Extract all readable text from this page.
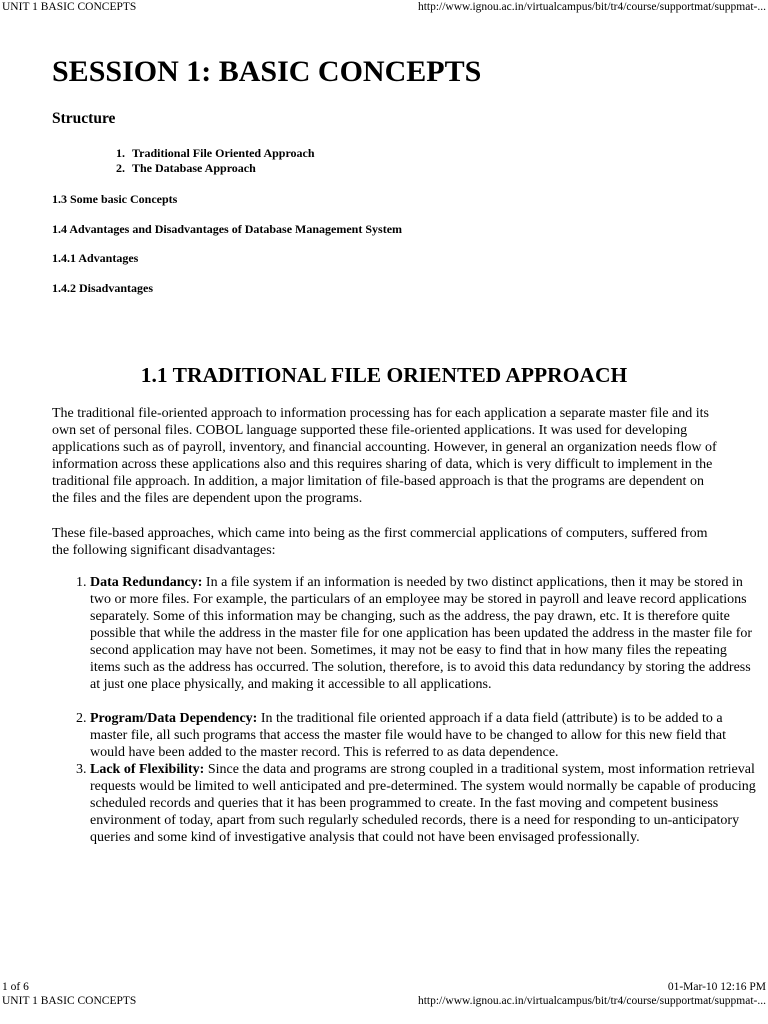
UNIT 1 BASIC CONCEPTS	http://www.ignou.ac.in/virtualcampus/bit/tr4/course/supportmat/suppmat-...
SESSION 1: BASIC CONCEPTS
Structure
1. Traditional File Oriented Approach
2. The Database Approach
1.3 Some basic Concepts
1.4 Advantages and Disadvantages of Database Management System
1.4.1 Advantages
1.4.2 Disadvantages
1.1 TRADITIONAL FILE ORIENTED APPROACH

The traditional file-oriented approach to information processing has for each application a separate master file and its own set of personal files. COBOL language supported these file-oriented applications. It was used for developing applications such as of payroll, inventory, and financial accounting. However, in general an organization needs flow of information across these applications also and this requires sharing of data, which is very difficult to implement in the traditional file approach. In addition, a major limitation of file-based approach is that the programs are dependent on the files and the files are dependent upon the programs.

These file-based approaches, which came into being as the first commercial applications of computers, suffered from the following significant disadvantages:

1. Data Redundancy: In a file system if an information is needed by two distinct applications, then it may be stored in two or more files. For example, the particulars of an employee may be stored in payroll and leave record applications separately. Some of this information may be changing, such as the address, the pay drawn, etc. It is therefore quite possible that while the address in the master file for one application has been updated the address in the master file for second application may have not been. Sometimes, it may not be easy to find that in how many files the repeating items such as the address has occurred. The solution, therefore, is to avoid this data redundancy by storing the address at just one place physically, and making it accessible to all applications.
2. Program/Data Dependency: In the traditional file oriented approach if a data field (attribute) is to be added to a master file, all such programs that access the master file would have to be changed to allow for this new field that would have been added to the master record. This is referred to as data dependence.
3. Lack of Flexibility: Since the data and programs are strong coupled in a traditional system, most information retrieval requests would be limited to well anticipated and pre-determined. The system would normally be capable of producing scheduled records and queries that it has been programmed to create. In the fast moving and competent business environment of today, apart from such regularly scheduled records, there is a need for responding to un-anticipatory queries and some kind of investigative analysis that could not have been envisaged professionally.
1 of 6	01-Mar-10 12:16 PM
UNIT 1 BASIC CONCEPTS	http://www.ignou.ac.in/virtualcampus/bit/tr4/course/supportmat/suppmat-...
